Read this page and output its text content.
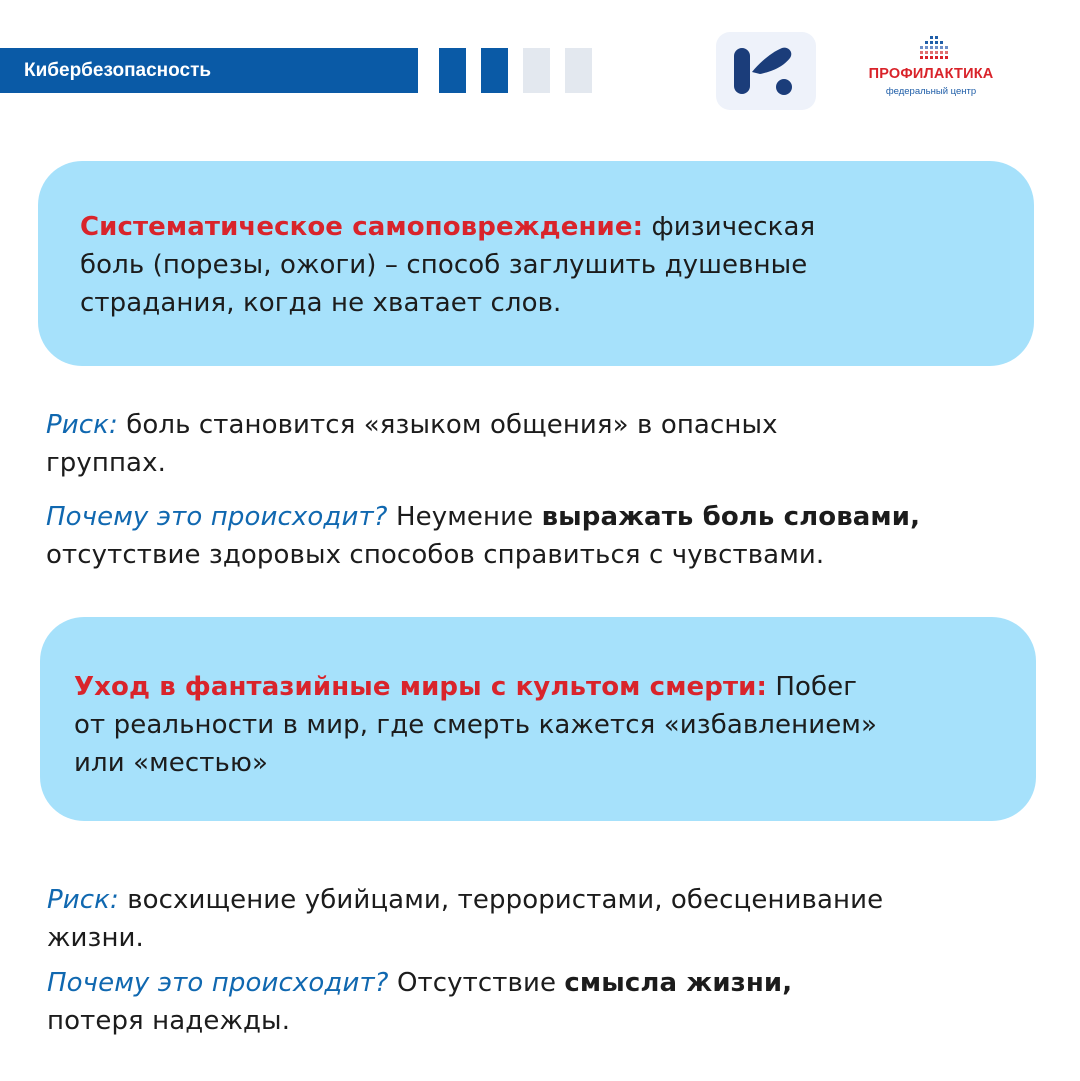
Кибербезопасность	ПРОФИЛАКТИКА
федеральный центр
Систематическое самоповреждение: физическая
боль (порезы, ожоги) – способ заглушить душевные
страдания, когда не хватает слов.
Риск: боль становится «языком общения» в опасных
группах.
Почему это происходит? Неумение выражать боль словами,
отсутствие здоровых способов справиться с чувствами.
Уход в фантазийные миры с культом смерти: Побег
от реальности в мир, где смерть кажется «избавлением»
или «местью»
Риск: восхищение убийцами, террористами, обесценивание
жизни.
Почему это происходит? Отсутствие смысла жизни,
потеря надежды.
